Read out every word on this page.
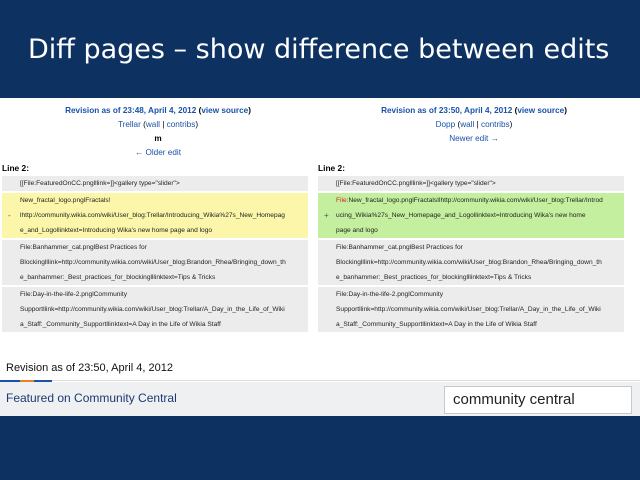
Diff pages – show difference between edits
Revision as of 23:48, April 4, 2012 (view source)
Trellar (wall | contribs)
m
← Older edit
Line 2:
[[File:FeaturedOnCC.pnglllink=]]<gallery type="slider">
New_fractal_logo.pnglFractals!
- lhttp://community.wikia.com/wiki/User_blog:Trellar/Introducing_Wikia%27s_New_Homepag
e_and_Logollinktext=Introducing Wika's new home page and logo
File:Banhammer_cat.pnglBest Practices for
Blockinglllink=http://community.wikia.com/wiki/User_blog:Brandon_Rhea/Bringing_down_th
e_banhammer:_Best_practices_for_blockinglllinktext=Tips & Tricks
File:Day-in-the-life-2.pnglCommunity
Supportllink=http://community.wikia.com/wiki/User_blog:Trellar/A_Day_in_the_Life_of_Wiki
a_Staff:_Community_Supportllinktext=A Day in the Life of Wikia Staff
Revision as of 23:50, April 4, 2012 (view source)
Dopp (wall | contribs)
Newer edit →

Line 2:
[[File:FeaturedOnCC.pnglllink=]]<gallery type="slider">
File:New_fractal_logo.pnglFractalsIlhttp://community.wikia.com/wiki/User_blog:Trellar/Introd
+ ucing_Wikia%27s_New_Homepage_and_Logollinktext=Introducing Wika's new home
page and logo
File:Banhammer_cat.pnglBest Practices for
Blockinglllink=http://community.wikia.com/wiki/User_blog:Brandon_Rhea/Bringing_down_th
e_banhammer:_Best_practices_for_blockinglllinktext=Tips & Tricks
File:Day-in-the-life-2.pnglCommunity
Supportllink=http://community.wikia.com/wiki/User_blog:Trellar/A_Day_in_the_Life_of_Wiki
a_Staff:_Community_Supportllinktext=A Day in the Life of Wikia Staff
Revision as of 23:50, April 4, 2012
Featured on Community Central	community central
